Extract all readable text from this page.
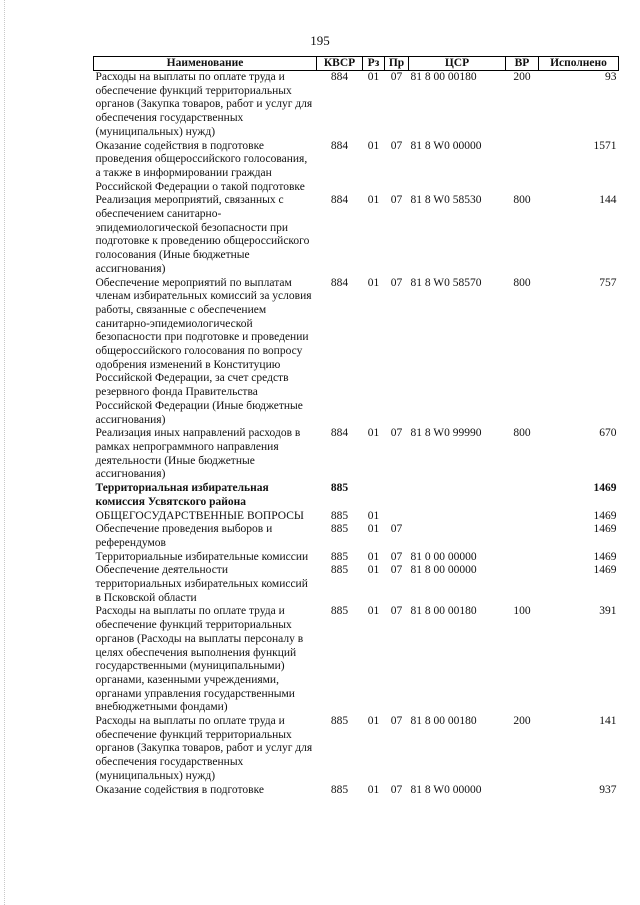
195
Наименование	КВСР	Рз	Пр	ЦСР	ВР	Исполнено
Расходы на выплаты по оплате труда и обеспечение функций территориальных органов (Закупка товаров, работ и услуг для обеспечения государственных (муниципальных) нужд)	884	01	07	81 8 00 00180	200	93
Оказание содействия в подготовке проведения общероссийского голосования, а также в информировании граждан Российской Федерации о такой подготовке	884	01	07	81 8 W0 00000		1571
Реализация мероприятий, связанных с обеспечением санитарно-эпидемиологической безопасности при подготовке к проведению общероссийского голосования (Иные бюджетные ассигнования)	884	01	07	81 8 W0 58530	800	144
Обеспечение мероприятий по выплатам членам избирательных комиссий за условия работы, связанные с обеспечением санитарно-эпидемиологической безопасности при подготовке и проведении общероссийского голосования по вопросу одобрения изменений в Конституцию Российской Федерации, за счет средств резервного фонда Правительства Российской Федерации (Иные бюджетные ассигнования)	884	01	07	81 8 W0 58570	800	757
Реализация иных направлений расходов в рамках непрограммного направления деятельности (Иные бюджетные ассигнования)	884	01	07	81 8 W0 99990	800	670
Территориальная избирательная комиссия Усвятского района	885					1469
ОБЩЕГОСУДАРСТВЕННЫЕ ВОПРОСЫ	885	01				1469
Обеспечение проведения выборов и референдумов	885	01	07			1469
Территориальные избирательные комиссии	885	01	07	81 0 00 00000		1469
Обеспечение деятельности территориальных избирательных комиссий в Псковской области	885	01	07	81 8 00 00000		1469
Расходы на выплаты по оплате труда и обеспечение функций территориальных органов (Расходы на выплаты персоналу в целях обеспечения выполнения функций государственными (муниципальными) органами, казенными учреждениями, органами управления государственными внебюджетными фондами)	885	01	07	81 8 00 00180	100	391
Расходы на выплаты по оплате труда и обеспечение функций территориальных органов (Закупка товаров, работ и услуг для обеспечения государственных (муниципальных) нужд)	885	01	07	81 8 00 00180	200	141
Оказание содействия в подготовке	885	01	07	81 8 W0 00000		937
